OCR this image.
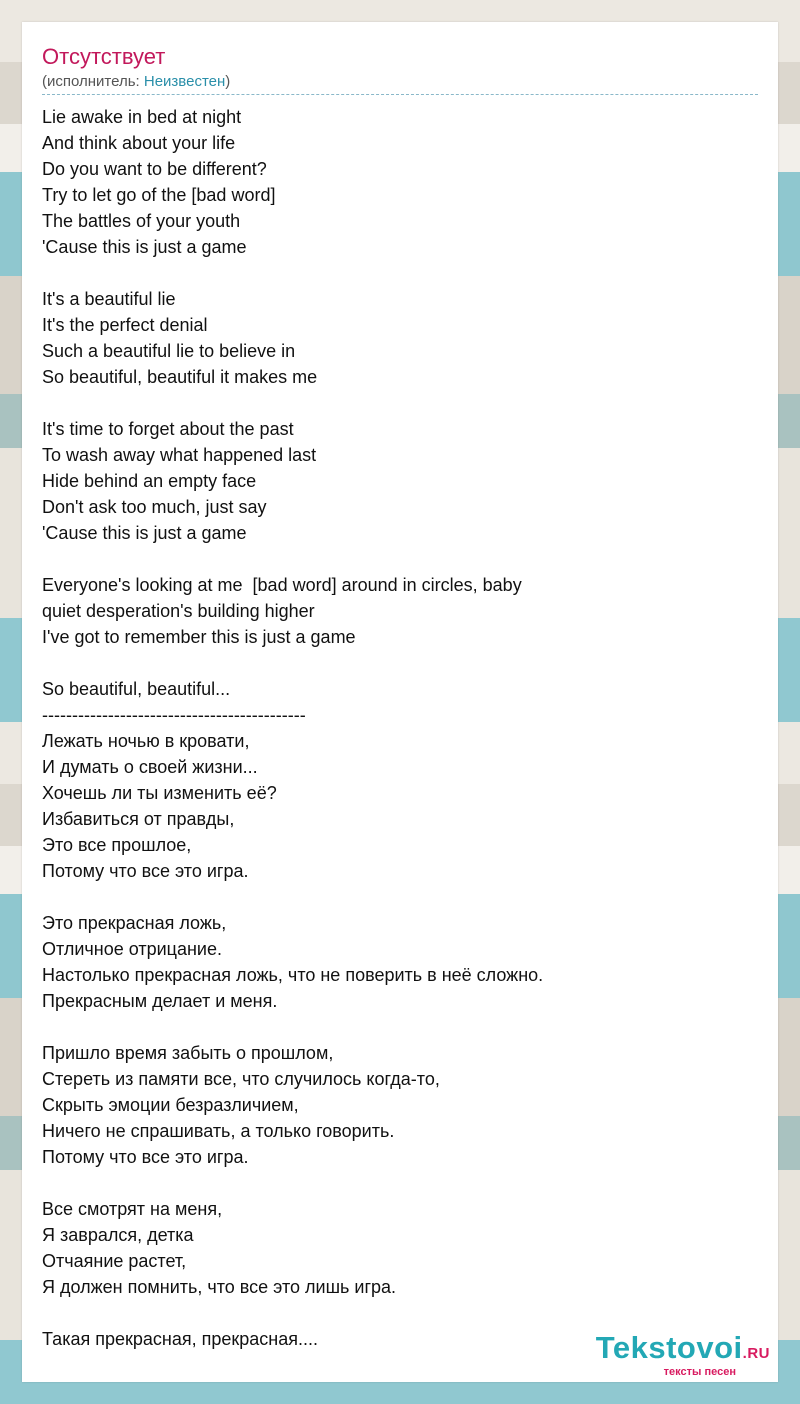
Отсутствует
(исполнитель: Неизвестен)
Lie awake in bed at night
And think about your life
Do you want to be different?
Try to let go of the [bad word]
The battles of your youth
'Cause this is just a game
It's a beautiful lie
It's the perfect denial
Such a beautiful lie to believe in
So beautiful, beautiful it makes me
It's time to forget about the past
To wash away what happened last
Hide behind an empty face
Don't ask too much, just say
'Cause this is just a game
Everyone's looking at me  [bad word] around in circles, baby
quiet desperation's building higher
I've got to remember this is just a game
So beautiful, beautiful...
--------------------------------------------
Лежать ночью в кровати,
И думать о своей жизни...
Хочешь ли ты изменить её?
Избавиться от правды,
Это все прошлое,
Потому что все это игра.
Это прекрасная ложь,
Отличное отрицание.
Настолько прекрасная ложь, что не поверить в неё сложно.
Прекрасным делает и меня.
Пришло время забыть о прошлом,
Стереть из памяти все, что случилось когда-то,
Скрыть эмоции безразличием,
Ничего не спрашивать, а только говорить.
Потому что все это игра.
Все смотрят на меня,
Я заврался, детка
Отчаяние растет,
Я должен помнить, что все это лишь игра.
Такая прекрасная, прекрасная....	Tekstovoi.RU
тексты песен
